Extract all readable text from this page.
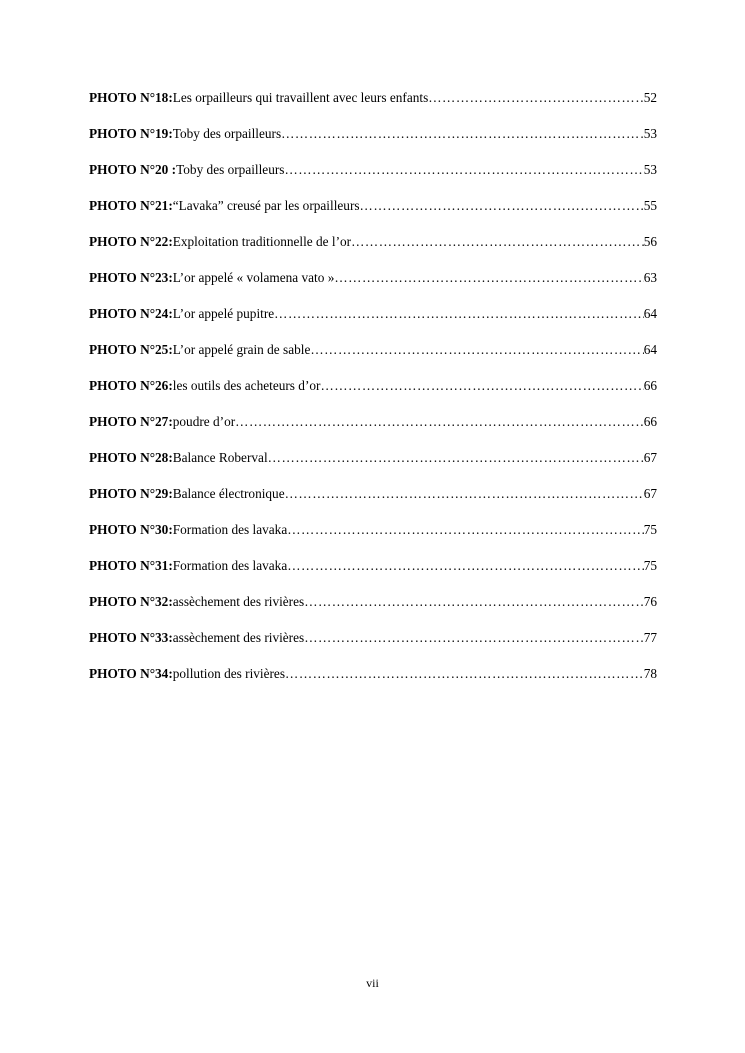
PHOTO N°18: Les orpailleurs qui travaillent avec leurs enfants ………………………………………………………………………………………………………………………………………………………………	52
PHOTO N°19: Toby des orpailleurs ………………………………………………………………………………………………………………………………………………………………	53
PHOTO N°20 : Toby des orpailleurs ………………………………………………………………………………………………………………………………………………………………	53
PHOTO N°21: “Lavaka” creusé par les orpailleurs ………………………………………………………………………………………………………………………………………………………………	55
PHOTO N°22: Exploitation traditionnelle de l’or ………………………………………………………………………………………………………………………………………………………………	56
PHOTO N°23: L’or appelé « volamena vato » ………………………………………………………………………………………………………………………………………………………………	63
PHOTO N°24: L’or appelé pupitre ………………………………………………………………………………………………………………………………………………………………	64
PHOTO N°25: L’or appelé grain de sable ………………………………………………………………………………………………………………………………………………………………	64
PHOTO N°26: les outils des acheteurs d’or ………………………………………………………………………………………………………………………………………………………………	66
PHOTO N°27: poudre d’or ………………………………………………………………………………………………………………………………………………………………	66
PHOTO N°28: Balance Roberval ………………………………………………………………………………………………………………………………………………………………	67
PHOTO N°29: Balance électronique ………………………………………………………………………………………………………………………………………………………………	67
PHOTO N°30: Formation des lavaka ………………………………………………………………………………………………………………………………………………………………	75
PHOTO N°31: Formation des lavaka ………………………………………………………………………………………………………………………………………………………………	75
PHOTO N°32: assèchement des rivières ………………………………………………………………………………………………………………………………………………………………	76
PHOTO N°33: assèchement des rivières ………………………………………………………………………………………………………………………………………………………………	77
PHOTO N°34: pollution des rivières ………………………………………………………………………………………………………………………………………………………………	78
vii
